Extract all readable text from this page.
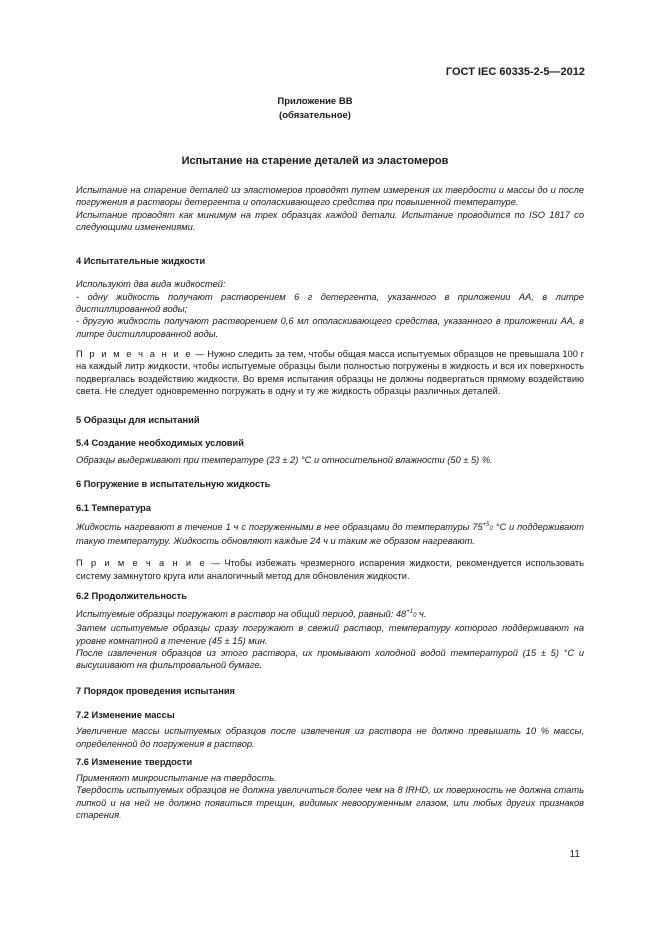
ГОСТ IEC 60335-2-5—2012
Приложение ВВ
(обязательное)
Испытание на старение деталей из эластомеров

Испытание на старение деталей из эластомеров проводят путем измерения их твердости и массы до и после погружения в растворы детергента и ополаскивающего средства при повышенной температуре.

Испытание проводят как минимум на трех образцах каждой детали. Испытание проводится по ISO 1817 со следующими изменениями.

4 Испытательные жидкости

Используют два вида жидкостей:

- одну жидкость получают растворением 6 г детергента, указанного в приложении АА, в литре дистиллированной воды;

- другую жидкость получают растворением 0,6 мл ополаскивающего средства, указанного в приложении АА, в литре дистиллированной воды.

П р и м е ч а н и е — Нужно следить за тем, чтобы общая масса испытуемых образцов не превышала 100 г на каждый литр жидкости, чтобы испытуемые образцы были полностью погружены в жидкость и вся их поверхность подвергалась воздействию жидкости. Во время испытания образцы не должны подвергаться прямому воздействию света. Не следует одновременно погружать в одну и ту же жидкость образцы различных деталей.

5 Образцы для испытаний

5.4 Создание необходимых условий

Образцы выдерживают при температуре (23 ± 2) °С и относительной влажности (50 ± 5) %.

6 Погружение в испытательную жидкость

6.1 Температура

Жидкость нагревают в течение 1 ч с погруженными в нее образцами до температуры $75^{+5}0$ °С и поддерживают такую температуру. Жидкость обновляют каждые 24 ч и таким же образом нагревают.

П р и м е ч а н и е — Чтобы избежать чрезмерного испарения жидкости, рекомендуется использовать систему замкнутого круга или аналогичный метод для обновления жидкости.

6.2 Продолжительность

Испытуемые образцы погружают в раствор на общий период, равный: $48^{+1}0$ ч.

Затем испытуемые образцы сразу погружают в свежий раствор, температуру которого поддерживают на уровне комнатной в течение (45 ± 15) мин.

После извлечения образцов из этого раствора, их промывают холодной водой температурой (15 ± 5) °С и высушивают на фильтровальной бумаге.

7 Порядок проведения испытания

7.2 Изменение массы

Увеличение массы испытуемых образцов после извлечения из раствора не должно превышать 10 % массы, определенной до погружения в раствор.

7.6 Изменение твердости

Применяют микроиспытание на твердость.

Твердость испытуемых образцов не должна увеличиться более чем на 8 IRHD, их поверхность не должна стать липкой и на ней не должно появиться трещин, видимых невооруженным глазом, или любых других признаков старения.

11
